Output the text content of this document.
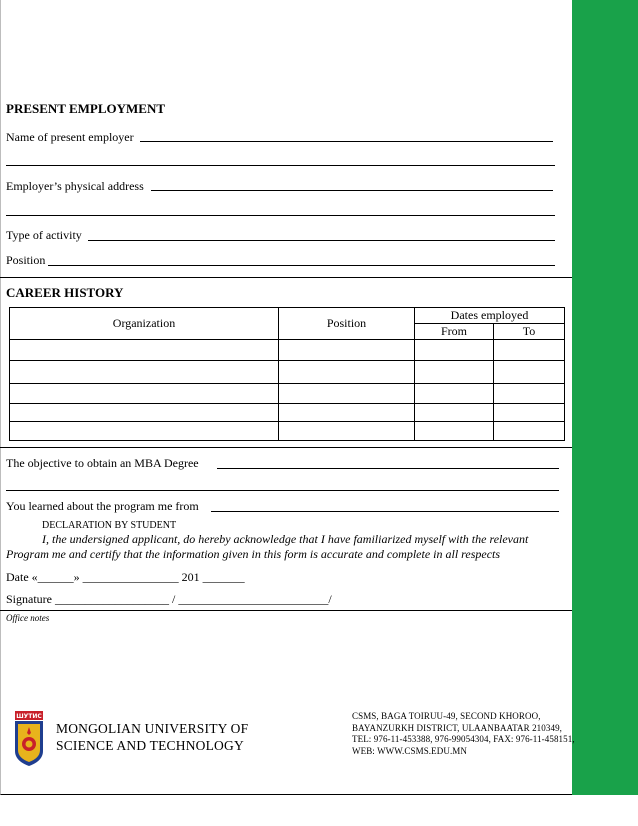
PRESENT EMPLOYMENT
Name of present employer
Employer’s physical address
Type of activity
Position
CAREER HISTORY
Organization	Position	Dates employed	
		From	To

The objective to obtain an MBA Degree
You learned about the program me from
DECLARATION BY STUDENT
I, the undersigned applicant, do hereby acknowledge that I have familiarized myself with the relevant
Program me and certify that the information given in this form is accurate and complete in all respects
Date «______» ________________ 201 _______
Signature ___________________ / _________________________/
Office notes
ШУТИС
MONGOLIAN UNIVERSITY OF
SCIENCE AND TECHNOLOGY
CSMS, BAGA TOIRUU-49, SECOND KHOROO,
BAYANZURKH DISTRICT, ULAANBAATAR 210349,
TEL: 976-11-453388, 976-99054304, FAX: 976-11-458151,
WEB: WWW.CSMS.EDU.MN
